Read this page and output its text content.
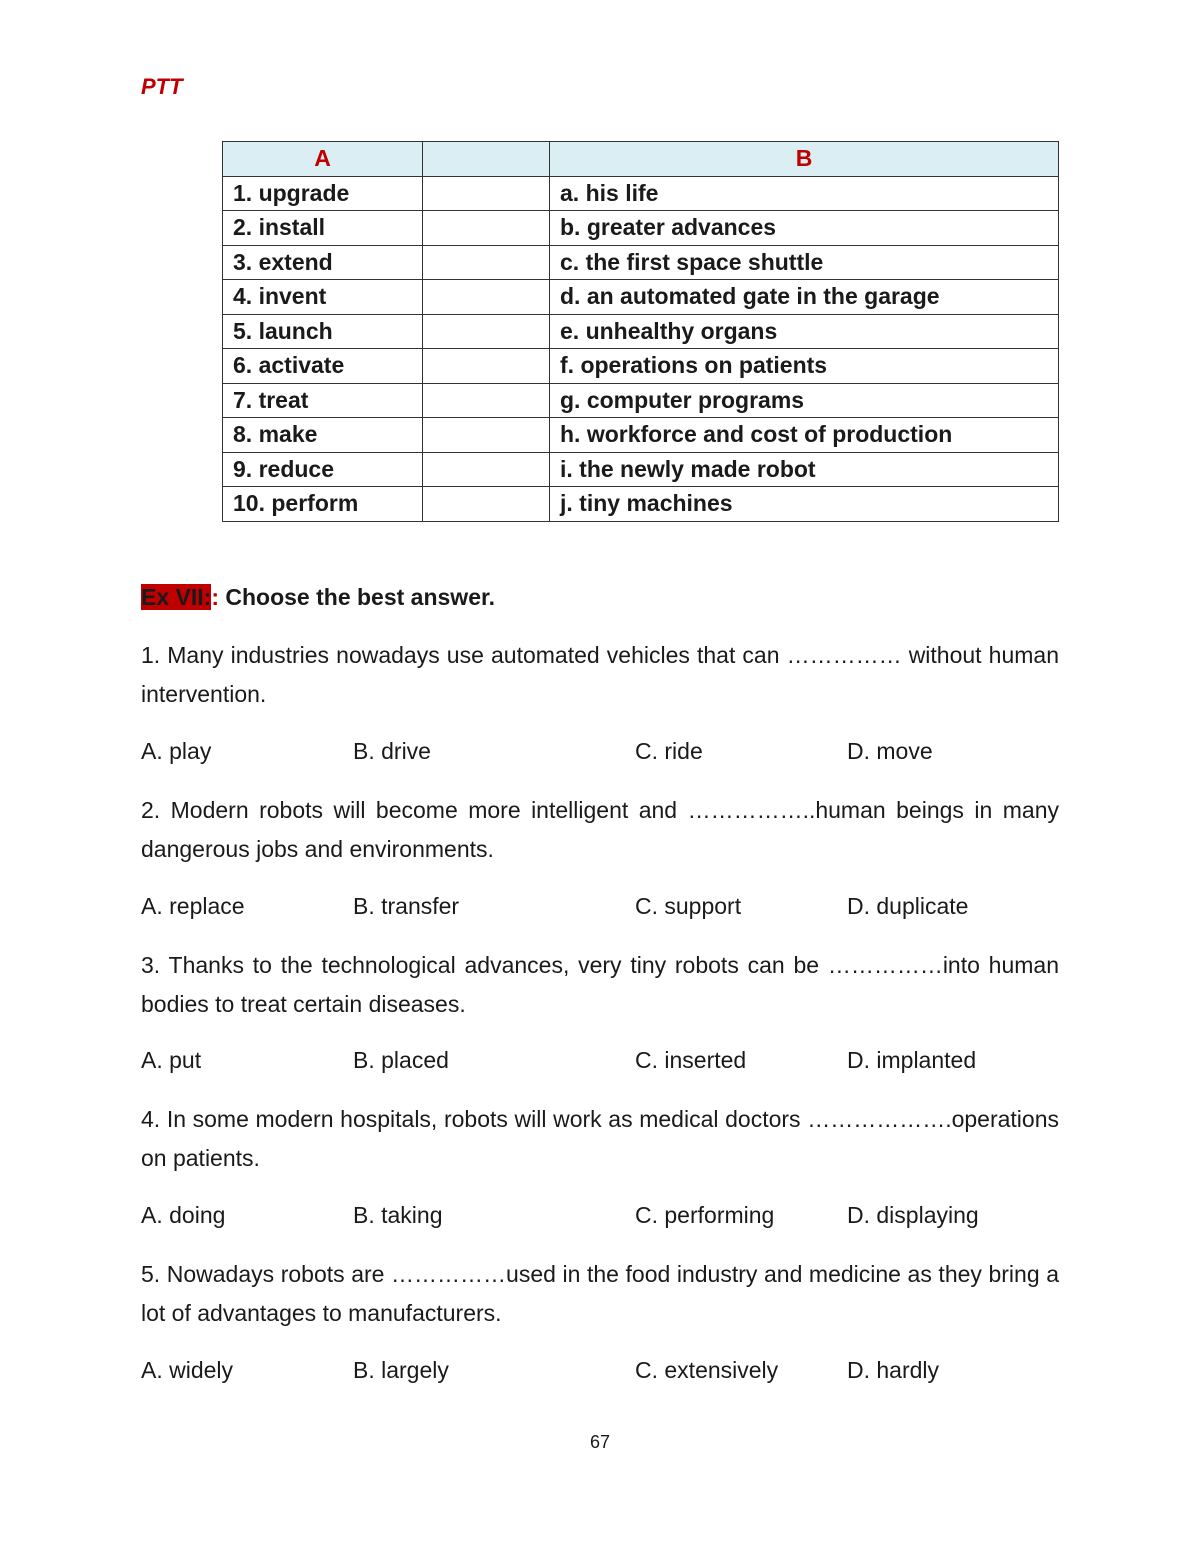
PTT
A		B
1. upgrade		a. his life
2. install		b. greater advances
3. extend		c. the first space shuttle
4. invent		d. an automated gate in the garage
5. launch		e. unhealthy organs
6. activate		f. operations on patients
7. treat		g. computer programs
8. make		h. workforce and cost of production
9. reduce		i. the newly made robot
10. perform		j. tiny machines
Ex VII:: Choose the best answer.
1. Many industries nowadays use automated vehicles that can …………… without human intervention.
A. play	B. drive	C. ride	D. move
2. Modern robots will become more intelligent and ……………..human beings in many dangerous jobs and environments.
A. replace	B. transfer	C. support	D. duplicate
3. Thanks to the technological advances, very tiny robots can be ……………into human bodies to treat certain diseases.
A. put	B. placed	C. inserted	D. implanted
4. In some modern hospitals, robots will work as medical doctors ……………….operations on patients.
A. doing	B. taking	C. performing	D. displaying
5. Nowadays robots are ……………used in the food industry and medicine as they bring a lot of advantages to manufacturers.
A. widely	B. largely	C. extensively	D. hardly
67
